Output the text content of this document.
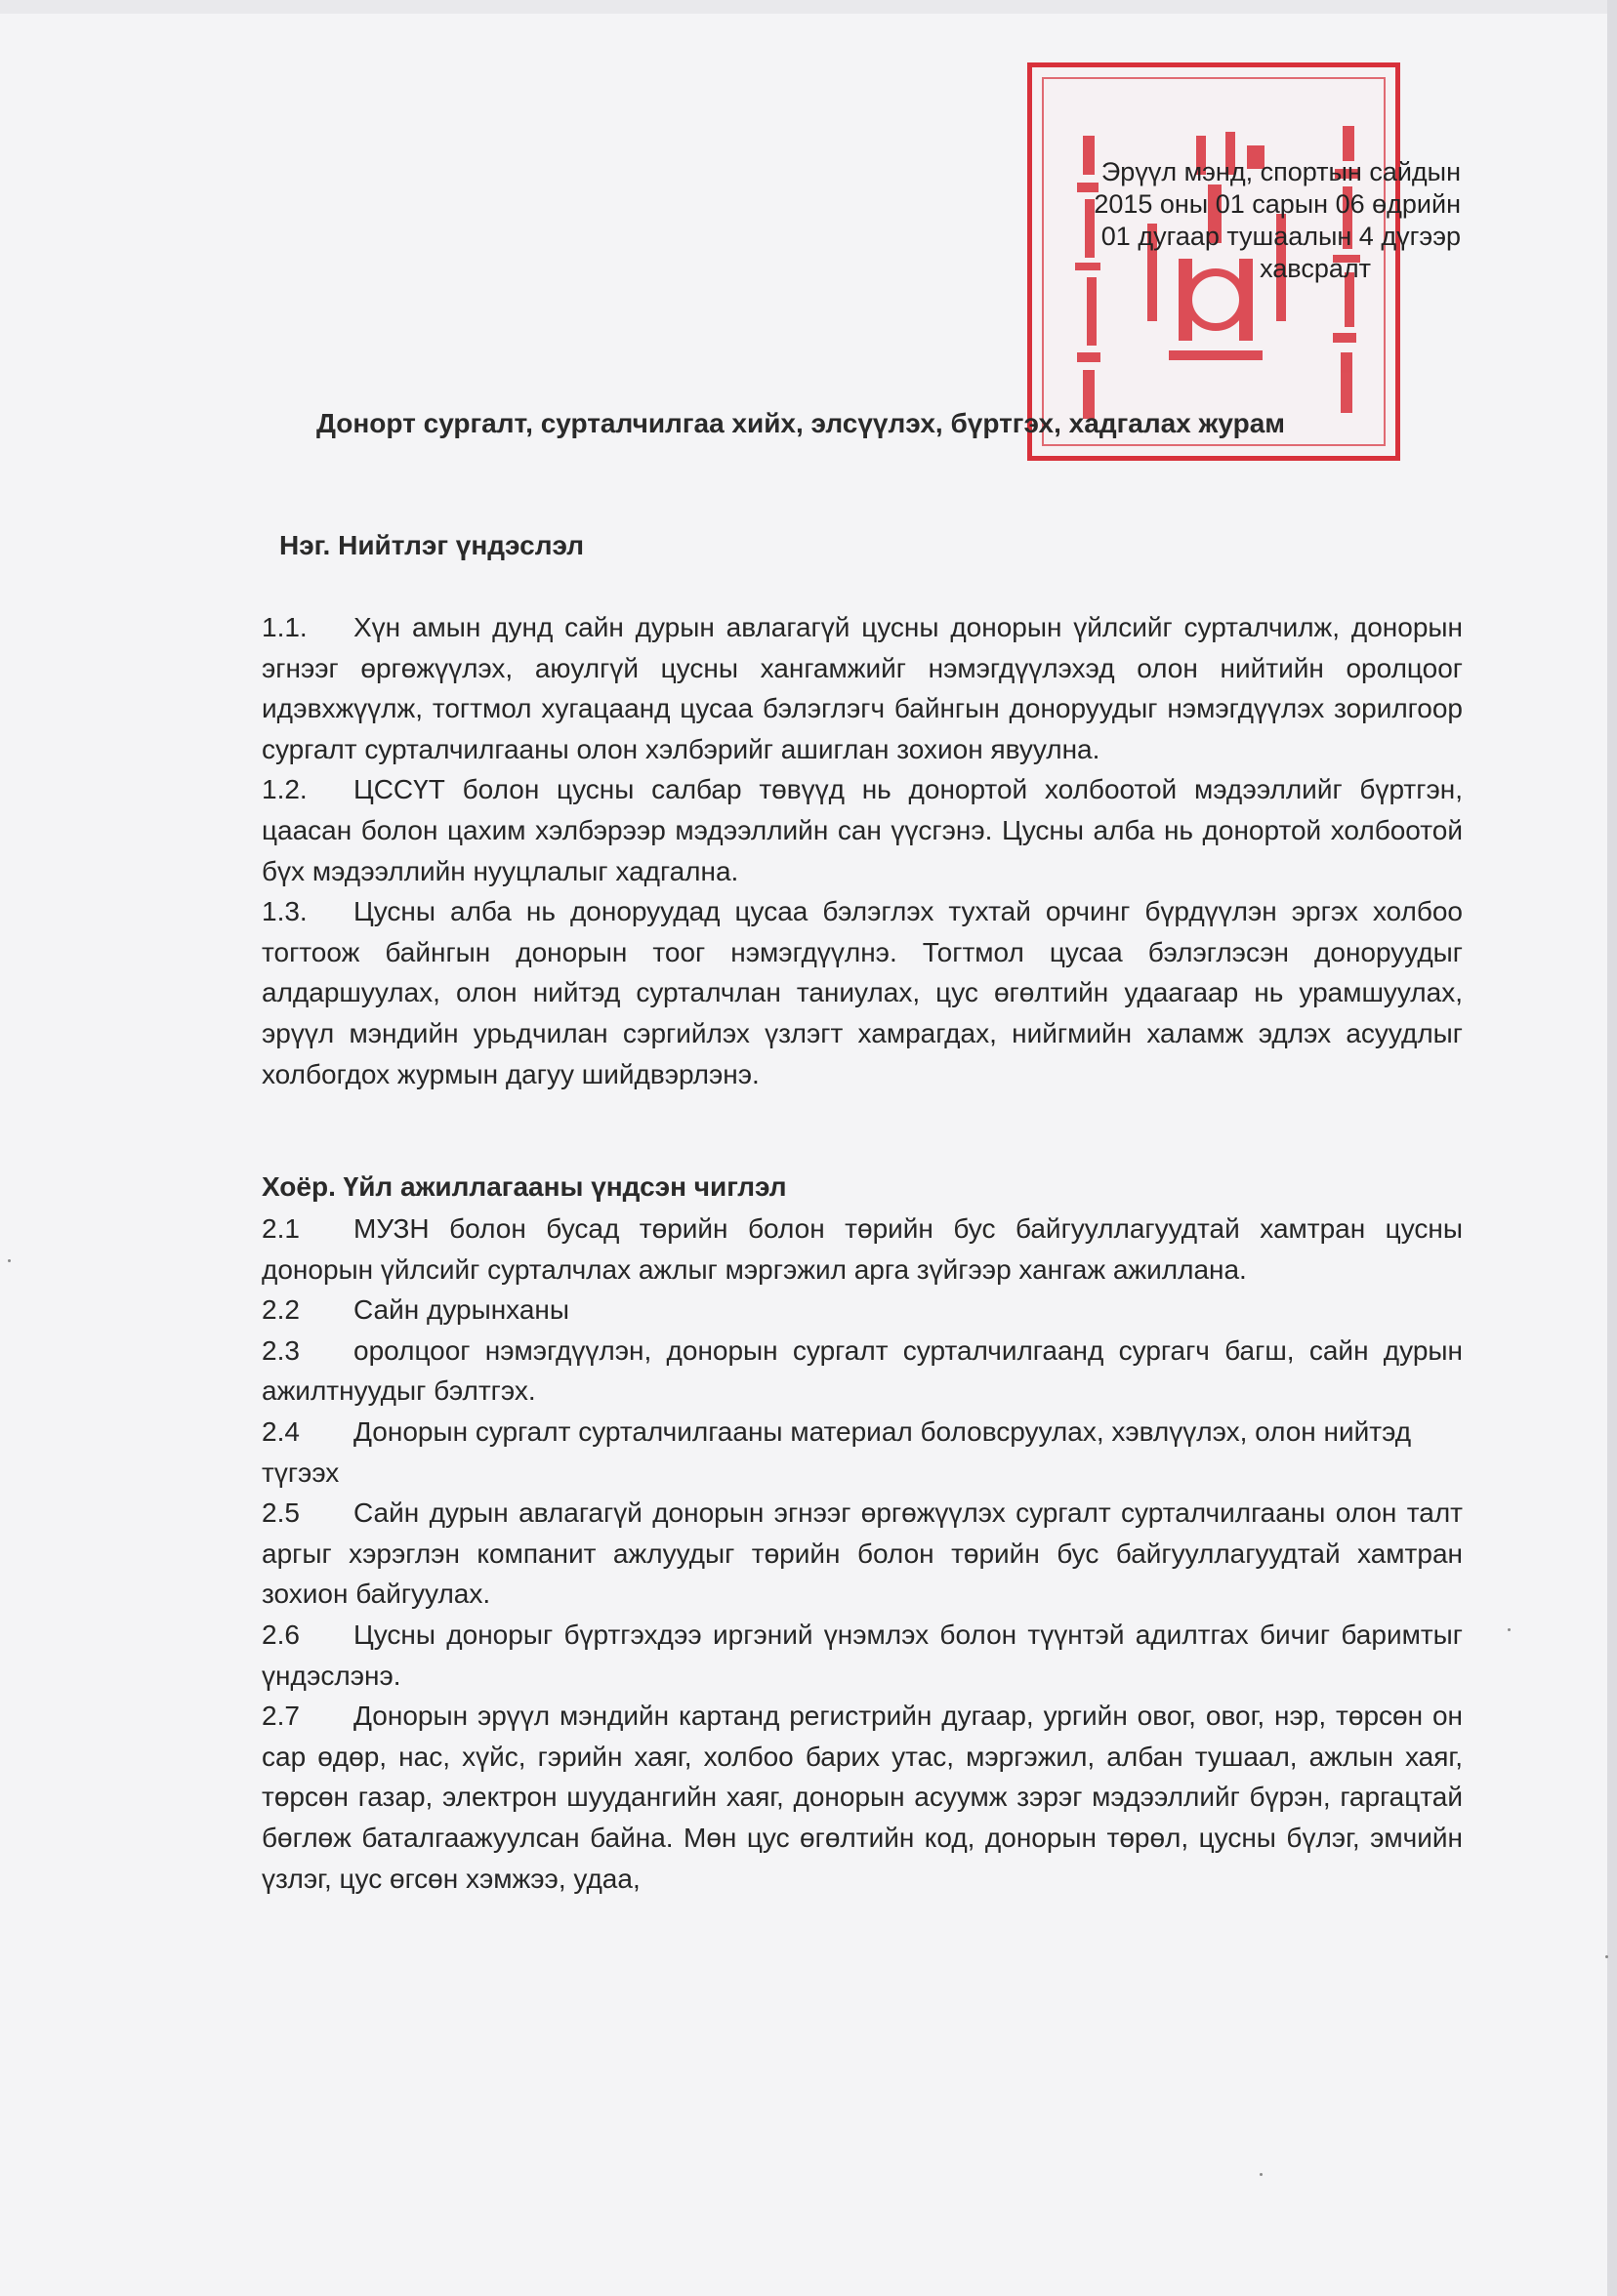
Эрүүл мэнд, спортын сайдын
2015 оны 01 сарын 06 өдрийн
01 дугаар тушаалын 4 дүгээр
хавсралт
Донорт сургалт, сурталчилгаа хийх, элсүүлэх, бүртгэх, хадгалах журам
Нэг. Нийтлэг үндэслэл

1.1. Хүн амын дунд сайн дурын авлагагүй цусны донорын үйлсийг сурталчилж, донорын эгнээг өргөжүүлэх, аюулгүй цусны хангамжийг нэмэгдүүлэхэд олон нийтийн оролцоог идэвхжүүлж, тогтмол хугацаанд цусаа бэлэглэгч байнгын доноруудыг нэмэгдүүлэх зорилгоор сургалт сурталчилгааны олон хэлбэрийг ашиглан зохион явуулна.

1.2. ЦССҮТ болон цусны салбар төвүүд нь донортой холбоотой мэдээллийг бүртгэн, цаасан болон цахим хэлбэрээр мэдээллийн сан үүсгэнэ. Цусны алба нь донортой холбоотой бүх мэдээллийн нууцлалыг хадгална.

1.3. Цусны алба нь доноруудад цусаа бэлэглэх тухтай орчинг бүрдүүлэн эргэх холбоо тогтоож байнгын донорын тоог нэмэгдүүлнэ. Тогтмол цусаа бэлэглэсэн доноруудыг алдаршуулах, олон нийтэд сурталчлан таниулах, цус өгөлтийн удаагаар нь урамшуулах, эрүүл мэндийн урьдчилан сэргийлэх үзлэгт хамрагдах, нийгмийн халамж эдлэх асуудлыг холбогдох журмын дагуу шийдвэрлэнэ.

Хоёр. Үйл ажиллагааны үндсэн чиглэл

2.1 МУЗН болон бусад төрийн болон төрийн бус байгууллагуудтай хамтран цусны донорын үйлсийг сурталчлах ажлыг мэргэжил арга зүйгээр хангаж ажиллана.

2.2 Сайн дурынханы

2.3 оролцоог нэмэгдүүлэн, донорын сургалт сурталчилгаанд сургагч багш, сайн дурын ажилтнуудыг бэлтгэх.

2.4 Донорын сургалт сурталчилгааны материал боловсруулах, хэвлүүлэх, олон нийтэд
түгээх

2.5 Сайн дурын авлагагүй донорын эгнээг өргөжүүлэх сургалт сурталчилгааны олон талт аргыг хэрэглэн компанит ажлуудыг төрийн болон төрийн бус байгууллагуудтай хамтран зохион байгуулах.

2.6 Цусны донорыг бүртгэхдээ иргэний үнэмлэх болон түүнтэй адилтгах бичиг баримтыг үндэслэнэ.

2.7 Донорын эрүүл мэндийн картанд регистрийн дугаар, ургийн овог, овог, нэр, төрсөн он сар өдөр, нас, хүйс, гэрийн хаяг, холбоо барих утас, мэргэжил, албан тушаал, ажлын хаяг, төрсөн газар, электрон шуудангийн хаяг, донорын асуумж зэрэг мэдээллийг бүрэн, гаргацтай бөглөж баталгаажуулсан байна. Мөн цус өгөлтийн код, донорын төрөл, цусны бүлэг, эмчийн үзлэг, цус өгсөн хэмжээ, удаа,
